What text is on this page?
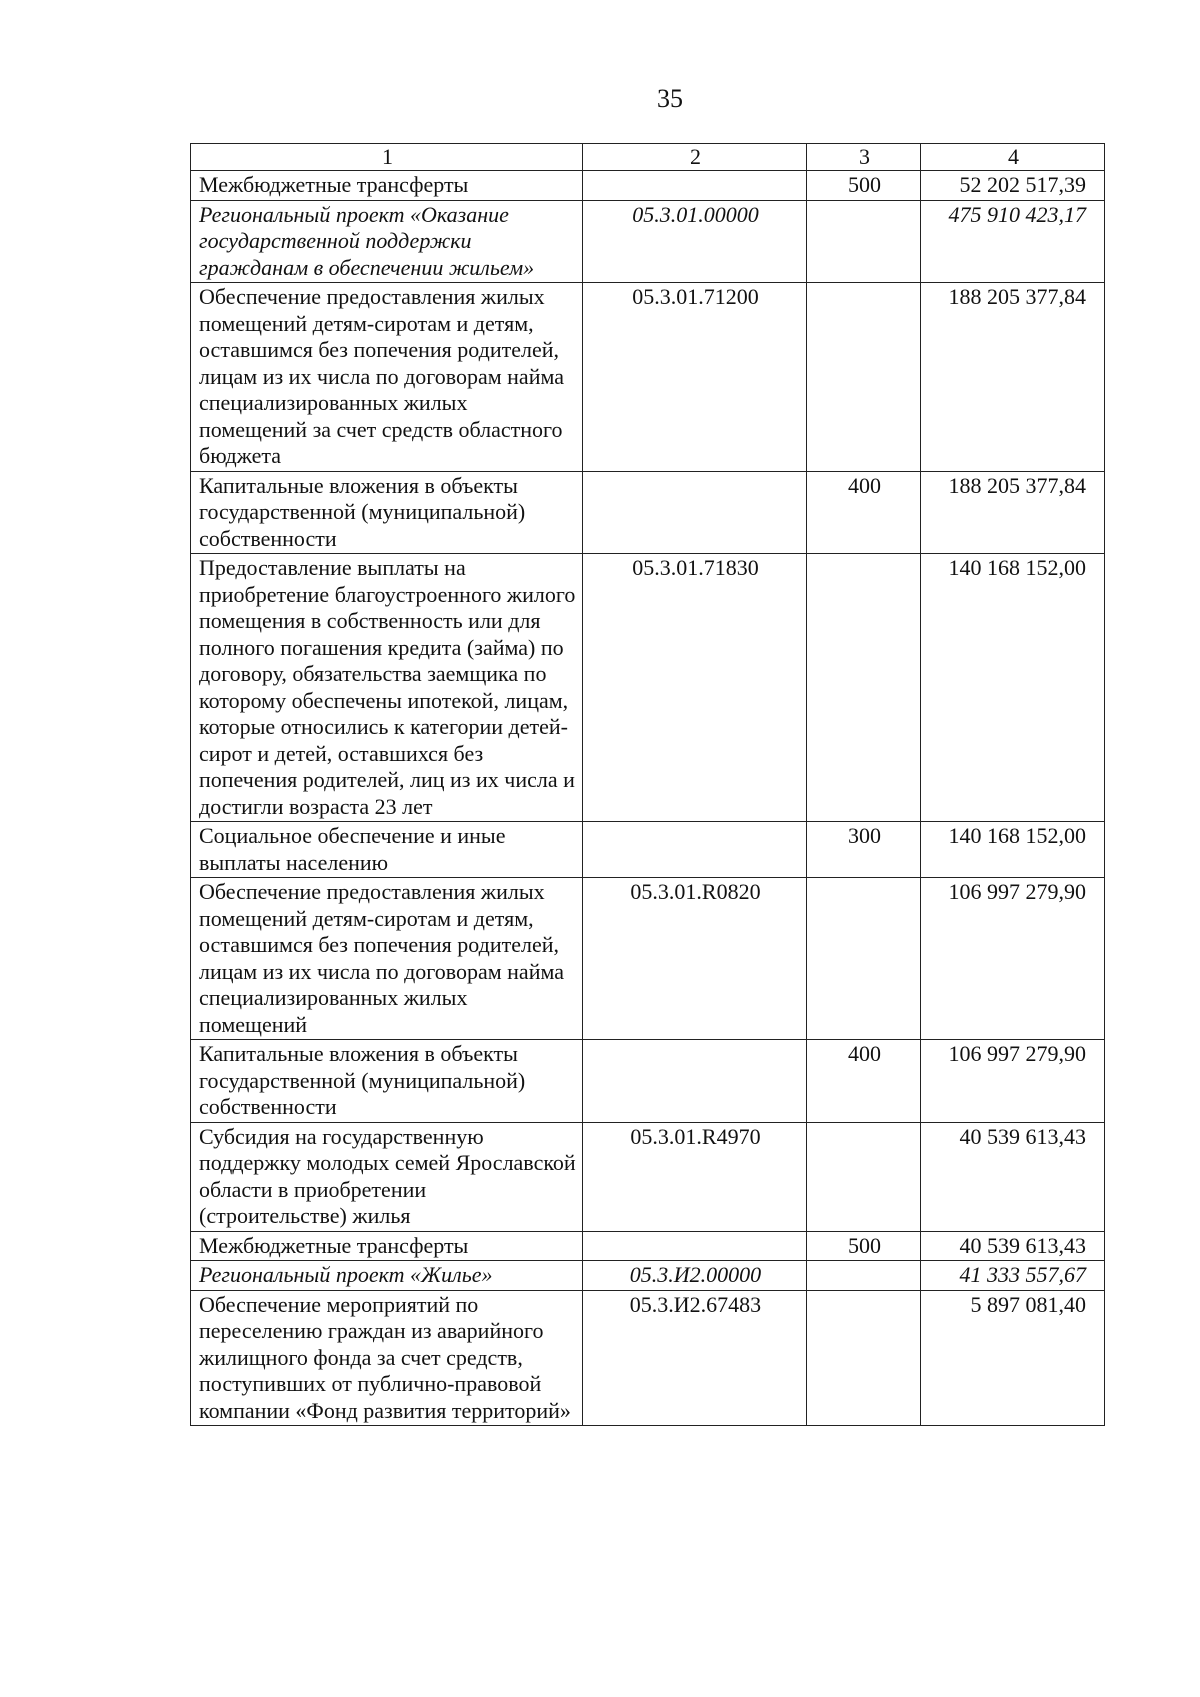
35
1	2	3	4
Межбюджетные трансферты		500	52 202 517,39
Региональный проект «Оказание государственной поддержки гражданам в обеспечении жильем»	05.3.01.00000		475 910 423,17
Обеспечение предоставления жилых помещений детям-сиротам и детям, оставшимся без попечения родителей, лицам из их числа по договорам найма специализированных жилых помещений за счет средств областного бюджета	05.3.01.71200		188 205 377,84
Капитальные вложения в объекты государственной (муниципальной) собственности		400	188 205 377,84
Предоставление выплаты на приобретение благоустроенного жилого помещения в собственность или для полного погашения кредита (займа) по договору, обязательства заемщика по которому обеспечены ипотекой, лицам, которые относились к категории детей-сирот и детей, оставшихся без попечения родителей, лиц из их числа и достигли возраста 23 лет	05.3.01.71830		140 168 152,00
Социальное обеспечение и иные выплаты населению		300	140 168 152,00
Обеспечение предоставления жилых помещений детям-сиротам и детям, оставшимся без попечения родителей, лицам из их числа по договорам найма специализированных жилых помещений	05.3.01.R0820		106 997 279,90
Капитальные вложения в объекты государственной (муниципальной) собственности		400	106 997 279,90
Субсидия на государственную поддержку молодых семей Ярославской области в приобретении (строительстве) жилья	05.3.01.R4970		40 539 613,43
Межбюджетные трансферты		500	40 539 613,43
Региональный проект «Жилье»	05.3.И2.00000		41 333 557,67
Обеспечение мероприятий по переселению граждан из аварийного жилищного фонда за счет средств, поступивших от публично-правовой компании «Фонд развития территорий»	05.3.И2.67483		5 897 081,40
